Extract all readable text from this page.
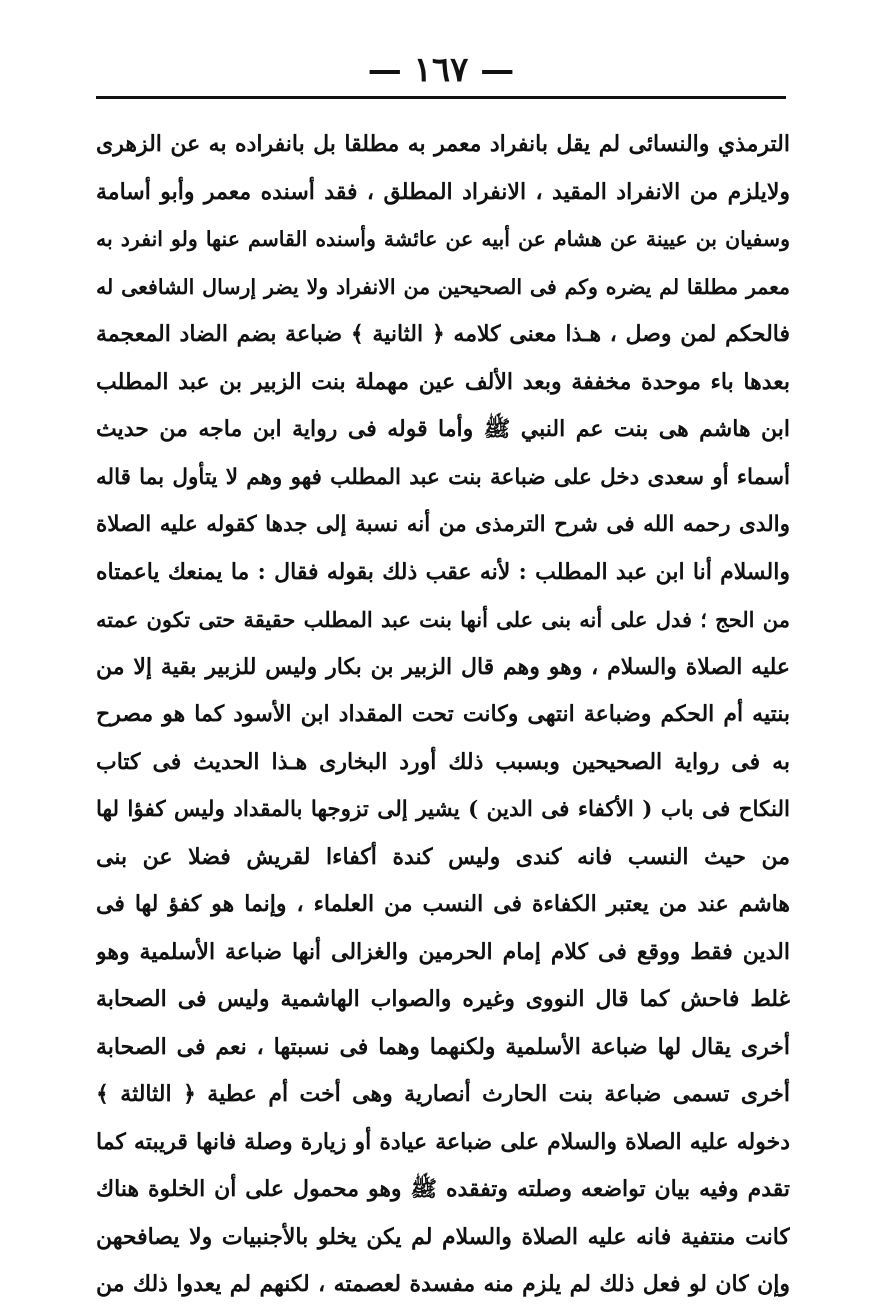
— ١٦٧ —
الترمذي والنسائى لم يقل بانفراد معمر به مطلقا بل بانفراده به عن الزهرى
ولايلزم من الانفراد المقيد ، الانفراد المطلق ، فقد أسنده معمر وأبو أسامة
وسفيان بن عيينة عن هشام عن أبيه عن عائشة وأسنده القاسم عنها ولو انفرد به
معمر مطلقا لم يضره وكم فى الصحيحين من الانفراد ولا يضر إرسال الشافعى له
فالحكم لمن وصل ، هـذا معنى كلامه ﴿ الثانية ﴾ ضباعة بضم الضاد المعجمة
بعدها باء موحدة مخففة وبعد الألف عين مهملة بنت الزبير بن عبد المطلب
ابن هاشم هى بنت عم النبي ﷺ وأما قوله فى رواية ابن ماجه من حديث
أسماء أو سعدى دخل على ضباعة بنت عبد المطلب فهو وهم لا يتأول بما قاله
والدى رحمه الله فى شرح الترمذى من أنه نسبة إلى جدها كقوله عليه الصلاة
والسلام أنا ابن عبد المطلب : لأنه عقب ذلك بقوله فقال : ما يمنعك ياعمتاه
من الحج ؛ فدل على أنه بنى على أنها بنت عبد المطلب حقيقة حتى تكون عمته
عليه الصلاة والسلام ، وهو وهم قال الزبير بن بكار وليس للزبير بقية إلا من
بنتيه أم الحكم وضباعة انتهى وكانت تحت المقداد ابن الأسود كما هو مصرح
به فى رواية الصحيحين وبسبب ذلك أورد البخارى هـذا الحديث فى كتاب
النكاح فى باب ( الأكفاء فى الدين ) يشير إلى تزوجها بالمقداد وليس كفؤا لها
من حيث النسب فانه كندى وليس كندة أكفاءا لقريش فضلا عن بنى
هاشم عند من يعتبر الكفاءة فى النسب من العلماء ، وإنما هو كفؤ لها فى
الدين فقط ووقع فى كلام إمام الحرمين والغزالى أنها ضباعة الأسلمية وهو
غلط فاحش كما قال النووى وغيره والصواب الهاشمية وليس فى الصحابة
أخرى يقال لها ضباعة الأسلمية ولكنهما وهما فى نسبتها ، نعم فى الصحابة
أخرى تسمى ضباعة بنت الحارث أنصارية وهى أخت أم عطية ﴿ الثالثة ﴾
دخوله عليه الصلاة والسلام على ضباعة عيادة أو زيارة وصلة فانها قريبته كما
تقدم وفيه بيان تواضعه وصلته وتفقده ﷺ وهو محمول على أن الخلوة هناك
كانت منتفية فانه عليه الصلاة والسلام لم يكن يخلو بالأجنبيات ولا يصافحهن
وإن كان لو فعل ذلك لم يلزم منه مفسدة لعصمته ، لكنهم لم يعدوا ذلك من
